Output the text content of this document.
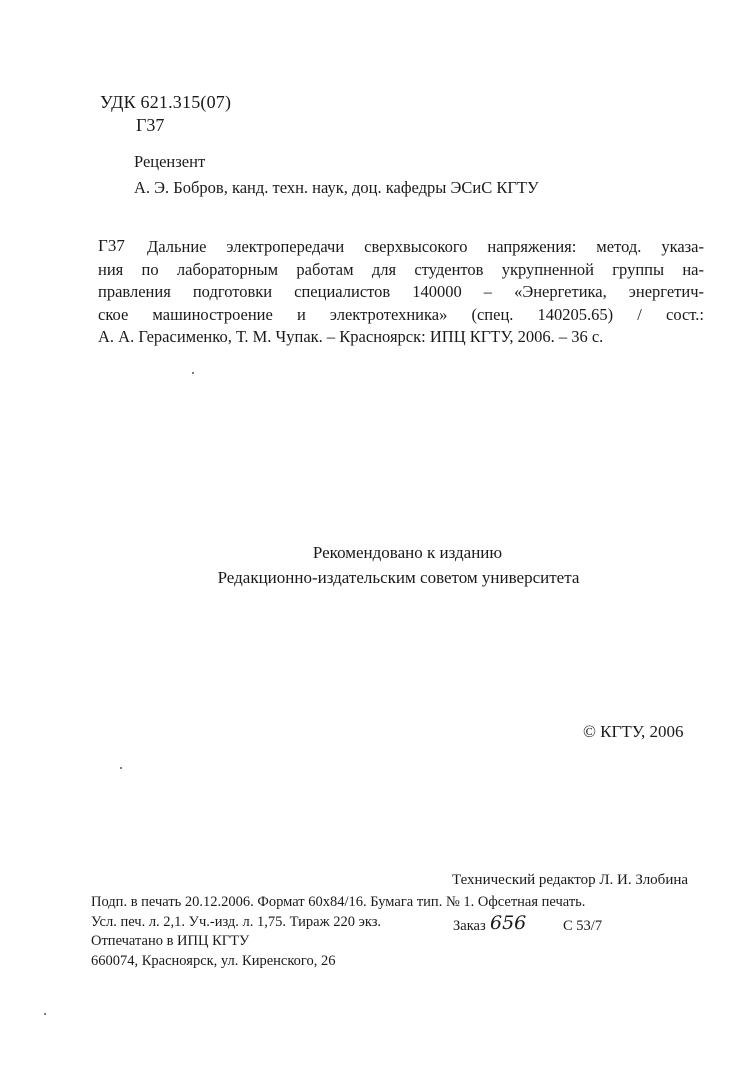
УДК 621.315(07)
Г37
Рецензент
А. Э. Бобров, канд. техн. наук, доц. кафедры ЭСиС КГТУ
Г37	Дальние электропередачи сверхвысокого напряжения: метод. указа-
ния по лабораторным работам для студентов укрупненной группы на-
правления подготовки специалистов 140000 – «Энергетика, энергетич-
ское машиностроение и электротехника» (спец. 140205.65) / сост.:
А. А. Герасименко, Т. М. Чупак. – Красноярск: ИПЦ КГТУ, 2006. – 36 с.
Рекомендовано к изданию
Редакционно-издательским советом университета
© КГТУ, 2006
Технический редактор Л. И. Злобина
Подп. в печать 20.12.2006. Формат 60х84/16. Бумага тип. № 1. Офсетная печать.
Усл. печ. л. 2,1. Уч.-изд. л. 1,75. Тираж 220 экз.
Отпечатано в ИПЦ КГТУ
660074, Красноярск, ул. Киренского, 26
Заказ 656	С 53/7
